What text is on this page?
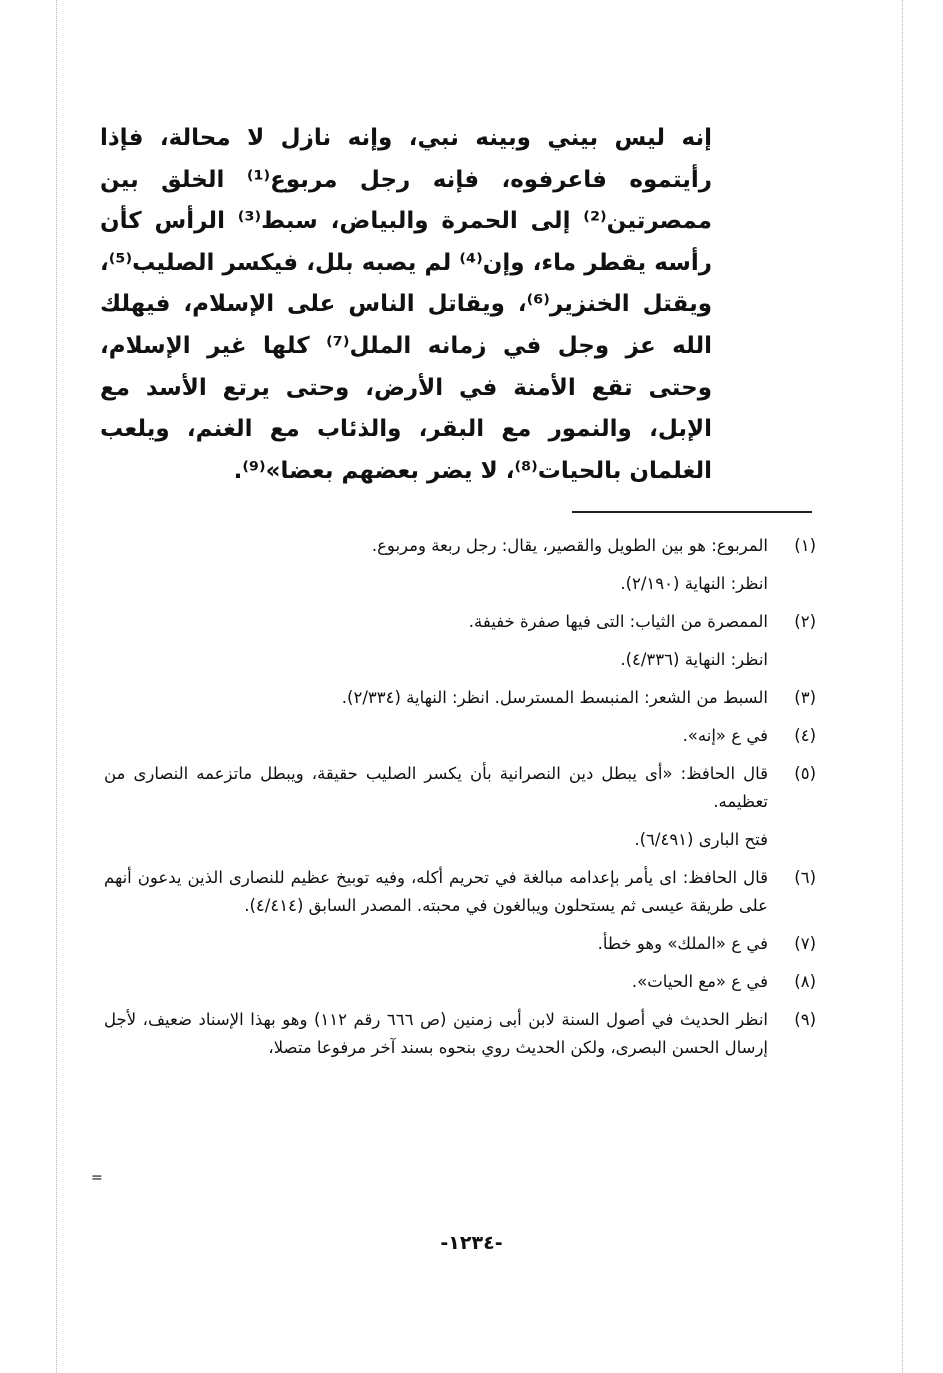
إنه ليس بيني وبينه نبي، وإنه نازل لا محالة، فإذا رأيتموه فاعرفوه، فإنه رجل مربوع⁽¹⁾ الخلق بين ممصرتين⁽²⁾ إلى الحمرة والبياض، سبط⁽³⁾ الرأس كأن رأسه يقطر ماء، وإن⁽⁴⁾ لم يصبه بلل، فيكسر الصليب⁽⁵⁾، ويقتل الخنزير⁽⁶⁾، ويقاتل الناس على الإسلام، فيهلك الله عز وجل في زمانه الملل⁽⁷⁾ كلها غير الإسلام، وحتى تقع الأمنة في الأرض، وحتى يرتع الأسد مع الإبل، والنمور مع البقر، والذئاب مع الغنم، ويلعب الغلمان بالحيات⁽⁸⁾، لا يضر بعضهم بعضا»⁽⁹⁾.

(١)
المربوع: هو بين الطويل والقصير، يقال: رجل ربعة ومربوع.
انظر: النهاية (٢/١٩٠).
(٢)
الممصرة من الثياب: التى فيها صفرة خفيفة.
انظر: النهاية (٤/٣٣٦).
(٣)
السبط من الشعر: المنبسط المسترسل. انظر: النهاية (٢/٣٣٤).
(٤)
في ع «إنه».
(٥)
قال الحافظ: «أى يبطل دين النصرانية بأن يكسر الصليب حقيقة، ويبطل ماتزعمه النصارى من تعظيمه.
فتح البارى (٦/٤٩١).
(٦)
قال الحافظ: اى يأمر بإعدامه مبالغة في تحريم أكله، وفيه توبيخ عظيم للنصارى الذين يدعون أنهم على طريقة عيسى ثم يستحلون ويبالغون في محبته. المصدر السابق (٤/٤١٤).
(٧)
في ع «الملك» وهو خطأ.
(٨)
في ع «مع الحيات».
(٩)
انظر الحديث في أصول السنة لابن أبى زمنين (ص ٦٦٦ رقم ١١٢) وهو بهذا الإسناد ضعيف، لأجل إرسال الحسن البصرى، ولكن الحديث روي بنحوه بسند آخر مرفوعا متصلا،
-١٢٣٤-
=
